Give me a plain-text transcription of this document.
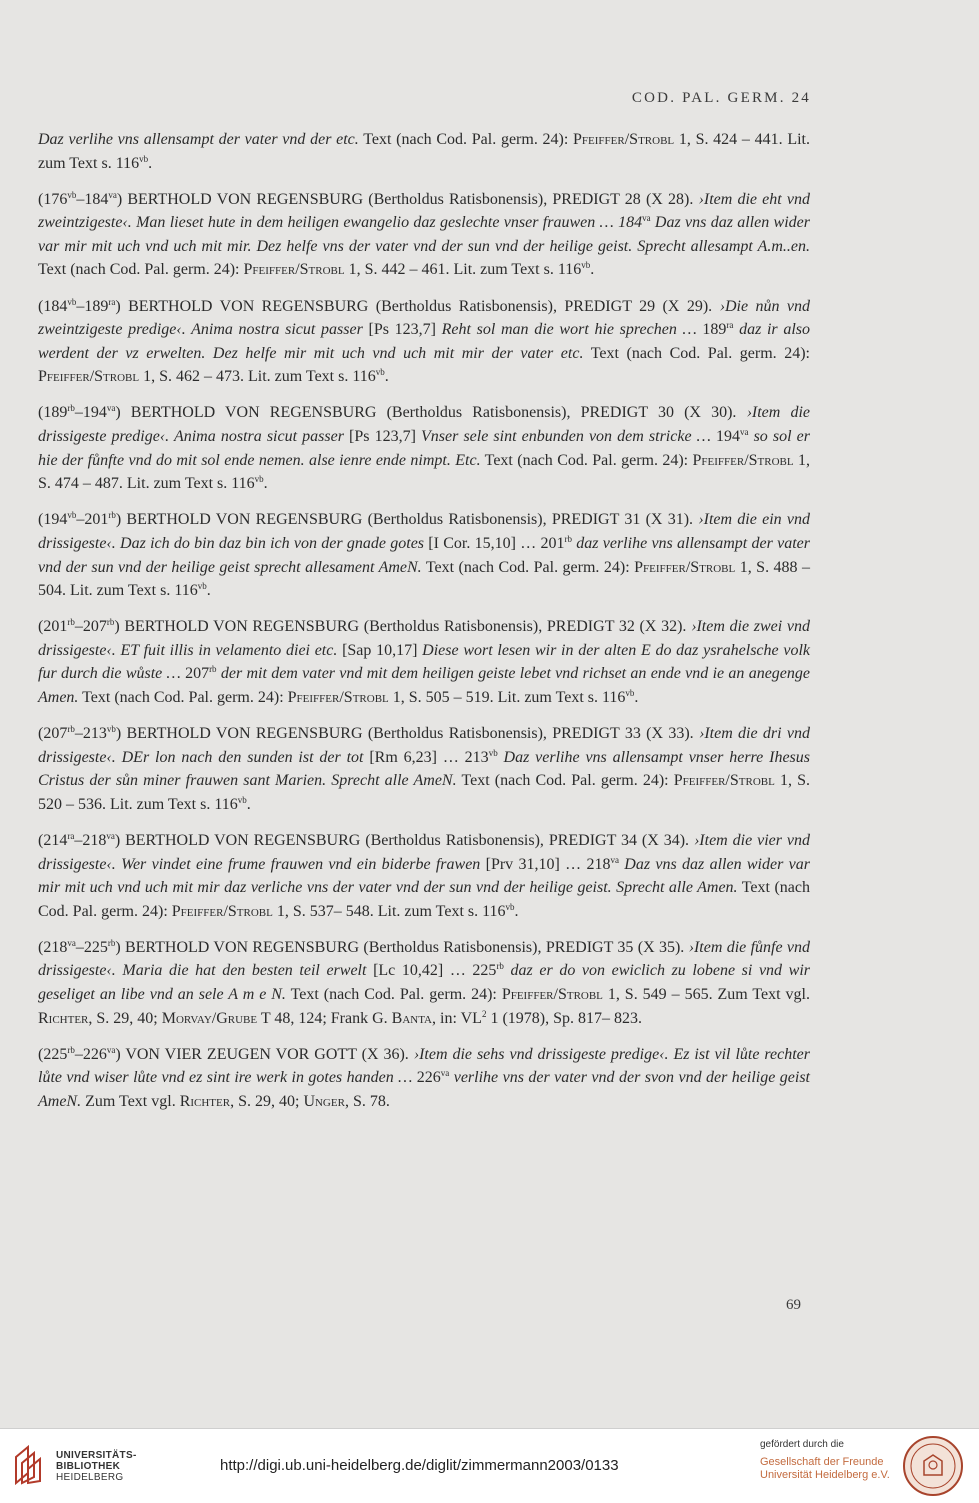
COD. PAL. GERM. 24

Daz verlihe vns allensampt der vater vnd der etc. Text (nach Cod. Pal. germ. 24): Pfeiffer/Strobl 1, S. 424 – 441. Lit. zum Text s. $116^{vb}$.

$(176^{vb}-184^{va})$ BERTHOLD VON REGENSBURG (Bertholdus Ratisbonensis), PREDIGT 28 (X 28). ›Item die eht vnd zweintzigeste‹. Man lieset hute in dem heiligen ewangelio daz geslechte vnser frauwen … $184^{va}$ Daz vns daz allen wider var mir mit uch vnd uch mit mir. Dez helfe vns der vater vnd der sun vnd der heilige geist. Sprecht allesampt A.m..en. Text (nach Cod. Pal. germ. 24): Pfeiffer/Strobl 1, S. 442 – 461. Lit. zum Text s. $116^{vb}$.

$(184^{vb}-189^{ra})$ BERTHOLD VON REGENSBURG (Bertholdus Ratisbonensis), PREDIGT 29 (X 29). ›Die nůn vnd zweintzigeste predige‹. Anima nostra sicut passer [Ps 123,7] Reht sol man die wort hie sprechen … $189^{ra}$ daz ir also werdent der vz erwelten. Dez helfe mir mit uch vnd uch mit mir der vater etc. Text (nach Cod. Pal. germ. 24): Pfeiffer/Strobl 1, S. 462 – 473. Lit. zum Text s. $116^{vb}$.

$(189^{rb}-194^{va})$ BERTHOLD VON REGENSBURG (Bertholdus Ratisbonensis), PREDIGT 30 (X 30). ›Item die drissigeste predige‹. Anima nostra sicut passer [Ps 123,7] Vnser sele sint enbunden von dem stricke … $194^{va}$ so sol er hie der fůnfte vnd do mit sol ende nemen. alse ienre ende nimpt. Etc. Text (nach Cod. Pal. germ. 24): Pfeiffer/Strobl 1, S. 474 – 487. Lit. zum Text s. $116^{vb}$.

$(194^{vb}-201^{rb})$ BERTHOLD VON REGENSBURG (Bertholdus Ratisbonensis), PREDIGT 31 (X 31). ›Item die ein vnd drissigeste‹. Daz ich do bin daz bin ich von der gnade gotes [I Cor. 15,10] … $201^{rb}$ daz verlihe vns allensampt der vater vnd der sun vnd der heilige geist sprecht allesament AmeN. Text (nach Cod. Pal. germ. 24): Pfeiffer/Strobl 1, S. 488 – 504. Lit. zum Text s. $116^{vb}$.

$(201^{rb}-207^{rb})$ BERTHOLD VON REGENSBURG (Bertholdus Ratisbonensis), PREDIGT 32 (X 32). ›Item die zwei vnd drissigeste‹. ET fuit illis in velamento diei etc. [Sap 10,17] Diese wort lesen wir in der alten E do daz ysrahelsche volk fur durch die wůste … $207^{rb}$ der mit dem vater vnd mit dem heiligen geiste lebet vnd richset an ende vnd ie an anegenge Amen. Text (nach Cod. Pal. germ. 24): Pfeiffer/Strobl 1, S. 505 – 519. Lit. zum Text s. $116^{vb}$.

$(207^{rb}-213^{vb})$ BERTHOLD VON REGENSBURG (Bertholdus Ratisbonensis), PREDIGT 33 (X 33). ›Item die dri vnd drissigeste‹. DEr lon nach den sunden ist der tot [Rm 6,23] … $213^{vb}$ Daz verlihe vns allensampt vnser herre Ihesus Cristus der sůn miner frauwen sant Marien. Sprecht alle AmeN. Text (nach Cod. Pal. germ. 24): Pfeiffer/Strobl 1, S. 520 – 536. Lit. zum Text s. $116^{vb}$.

$(214^{ra}-218^{va})$ BERTHOLD VON REGENSBURG (Bertholdus Ratisbonensis), PREDIGT 34 (X 34). ›Item die vier vnd drissigeste‹. Wer vindet eine frume frauwen vnd ein biderbe frawen [Prv 31,10] … $218^{va}$ Daz vns daz allen wider var mir mit uch vnd uch mit mir daz verliche vns der vater vnd der sun vnd der heilige geist. Sprecht alle Amen. Text (nach Cod. Pal. germ. 24): Pfeiffer/Strobl 1, S. 537– 548. Lit. zum Text s. $116^{vb}$.

$(218^{va}-225^{rb})$ BERTHOLD VON REGENSBURG (Bertholdus Ratisbonensis), PREDIGT 35 (X 35). ›Item die fůnfe vnd drissigeste‹. Maria die hat den besten teil erwelt [Lc 10,42] … $225^{rb}$ daz er do von ewiclich zu lobene si vnd wir geseliget an libe vnd an sele A m e N. Text (nach Cod. Pal. germ. 24): Pfeiffer/Strobl 1, S. 549 – 565. Zum Text vgl. Richter, S. 29, 40; Morvay/Grube T 48, 124; Frank G. Banta, in: $VL^2$ 1 (1978), Sp. 817– 823.

$(225^{rb}-226^{va})$ VON VIER ZEUGEN VOR GOTT (X 36). ›Item die sehs vnd drissigeste predige‹. Ez ist vil lůte rechter lůte vnd wiser lůte vnd ez sint ire werk in gotes handen … $226^{va}$ verlihe vns der vater vnd der svon vnd der heilige geist AmeN. Zum Text vgl. Richter, S. 29, 40; Unger, S. 78.

69
UNIVERSITÄTS-
BIBLIOTHEK
HEIDELBERG
http://digi.ub.uni-heidelberg.de/diglit/zimmermann2003/0133
gefördert durch die
Gesellschaft der Freunde
Universität Heidelberg e.V.
